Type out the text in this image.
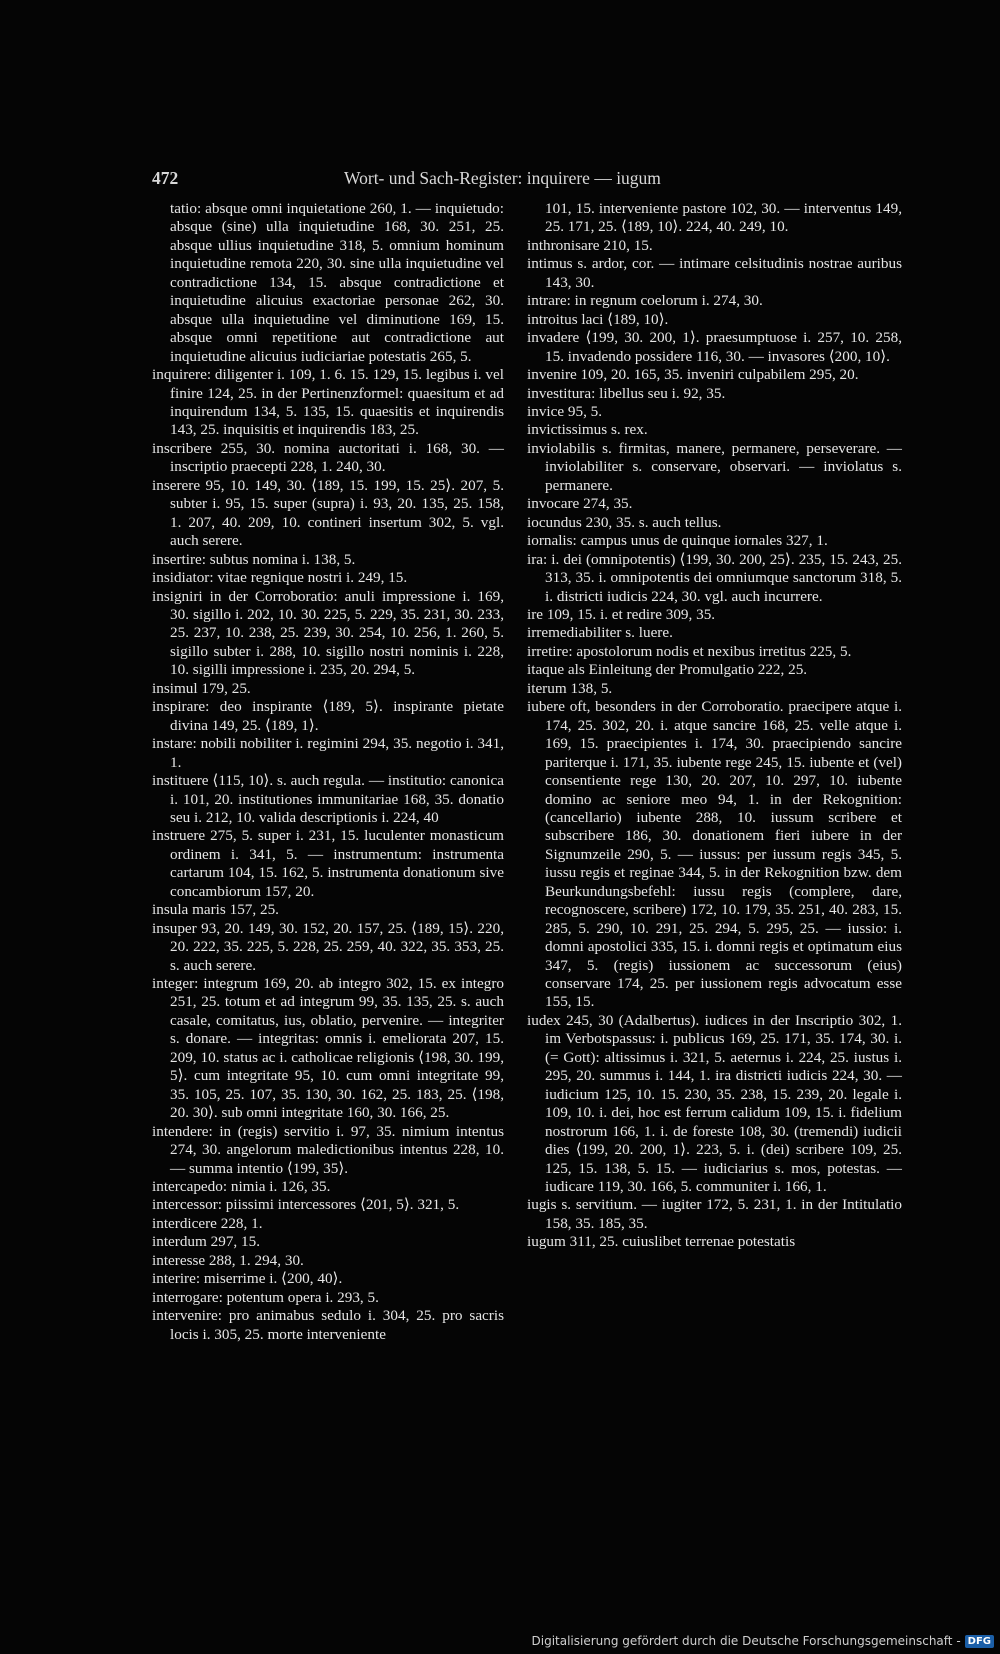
472	Wort- und Sach-Register: inquirere — iugum

tatio: absque omni inquietatione 260, 1. — inquietudo: absque (sine) ulla inquietudine 168, 30. 251, 25. absque ullius inquietudine 318, 5. omnium hominum inquietudine remota 220, 30. sine ulla inquietudine vel contradictione 134, 15. absque contradictione et inquietudine alicuius exactoriae personae 262, 30. absque ulla inquietudine vel diminutione 169, 15. absque omni repetitione aut contradictione aut inquietudine alicuius iudiciariae potestatis 265, 5.

inquirere: diligenter i. 109, 1. 6. 15. 129, 15. legibus i. vel finire 124, 25. in der Pertinenzformel: quaesitum et ad inquirendum 134, 5. 135, 15. quaesitis et inquirendis 143, 25. inquisitis et inquirendis 183, 25.

inscribere 255, 30. nomina auctoritati i. 168, 30. — inscriptio praecepti 228, 1. 240, 30.

inserere 95, 10. 149, 30. ⟨189, 15. 199, 15. 25⟩. 207, 5. subter i. 95, 15. super (supra) i. 93, 20. 135, 25. 158, 1. 207, 40. 209, 10. contineri insertum 302, 5. vgl. auch serere.

insertire: subtus nomina i. 138, 5.

insidiator: vitae regnique nostri i. 249, 15.

insigniri in der Corroboratio: anuli impressione i. 169, 30. sigillo i. 202, 10. 30. 225, 5. 229, 35. 231, 30. 233, 25. 237, 10. 238, 25. 239, 30. 254, 10. 256, 1. 260, 5. sigillo subter i. 288, 10. sigillo nostri nominis i. 228, 10. sigilli impressione i. 235, 20. 294, 5.

insimul 179, 25.

inspirare: deo inspirante ⟨189, 5⟩. inspirante pietate divina 149, 25. ⟨189, 1⟩.

instare: nobili nobiliter i. regimini 294, 35. negotio i. 341, 1.

instituere ⟨115, 10⟩. s. auch regula. — institutio: canonica i. 101, 20. institutiones immunitariae 168, 35. donatio seu i. 212, 10. valida descriptionis i. 224, 40

instruere 275, 5. super i. 231, 15. luculenter monasticum ordinem i. 341, 5. — instrumentum: instrumenta cartarum 104, 15. 162, 5. instrumenta donationum sive concambiorum 157, 20.

insula maris 157, 25.

insuper 93, 20. 149, 30. 152, 20. 157, 25. ⟨189, 15⟩. 220, 20. 222, 35. 225, 5. 228, 25. 259, 40. 322, 35. 353, 25. s. auch serere.

integer: integrum 169, 20. ab integro 302, 15. ex integro 251, 25. totum et ad integrum 99, 35. 135, 25. s. auch casale, comitatus, ius, oblatio, pervenire. — integriter s. donare. — integritas: omnis i. emeliorata 207, 15. 209, 10. status ac i. catholicae religionis ⟨198, 30. 199, 5⟩. cum integritate 95, 10. cum omni integritate 99, 35. 105, 25. 107, 35. 130, 30. 162, 25. 183, 25. ⟨198, 20. 30⟩. sub omni integritate 160, 30. 166, 25.

intendere: in (regis) servitio i. 97, 35. nimium intentus 274, 30. angelorum maledictionibus intentus 228, 10. — summa intentio ⟨199, 35⟩.

intercapedo: nimia i. 126, 35.

intercessor: piissimi intercessores ⟨201, 5⟩. 321, 5.

interdicere 228, 1.

interdum 297, 15.

interesse 288, 1. 294, 30.

interire: miserrime i. ⟨200, 40⟩.

interrogare: potentum opera i. 293, 5.

intervenire: pro animabus sedulo i. 304, 25. pro sacris locis i. 305, 25. morte interveniente

101, 15. interveniente pastore 102, 30. — interventus 149, 25. 171, 25. ⟨189, 10⟩. 224, 40. 249, 10.

inthronisare 210, 15.

intimus s. ardor, cor. — intimare celsitudinis nostrae auribus 143, 30.

intrare: in regnum coelorum i. 274, 30.

introitus laci ⟨189, 10⟩.

invadere ⟨199, 30. 200, 1⟩. praesumptuose i. 257, 10. 258, 15. invadendo possidere 116, 30. — invasores ⟨200, 10⟩.

invenire 109, 20. 165, 35. inveniri culpabilem 295, 20.

investitura: libellus seu i. 92, 35.

invice 95, 5.

invictissimus s. rex.

inviolabilis s. firmitas, manere, permanere, perseverare. — inviolabiliter s. conservare, observari. — inviolatus s. permanere.

invocare 274, 35.

iocundus 230, 35. s. auch tellus.

iornalis: campus unus de quinque iornales 327, 1.

ira: i. dei (omnipotentis) ⟨199, 30. 200, 25⟩. 235, 15. 243, 25. 313, 35. i. omnipotentis dei omniumque sanctorum 318, 5. i. districti iudicis 224, 30. vgl. auch incurrere.

ire 109, 15. i. et redire 309, 35.

irremediabiliter s. luere.

irretire: apostolorum nodis et nexibus irretitus 225, 5.

itaque als Einleitung der Promulgatio 222, 25.

iterum 138, 5.

iubere oft, besonders in der Corroboratio. praecipere atque i. 174, 25. 302, 20. i. atque sancire 168, 25. velle atque i. 169, 15. praecipientes i. 174, 30. praecipiendo sancire pariterque i. 171, 35. iubente rege 245, 15. iubente et (vel) consentiente rege 130, 20. 207, 10. 297, 10. iubente domino ac seniore meo 94, 1. in der Rekognition: (cancellario) iubente 288, 10. iussum scribere et subscribere 186, 30. donationem fieri iubere in der Signumzeile 290, 5. — iussus: per iussum regis 345, 5. iussu regis et reginae 344, 5. in der Rekognition bzw. dem Beurkundungsbefehl: iussu regis (complere, dare, recognoscere, scribere) 172, 10. 179, 35. 251, 40. 283, 15. 285, 5. 290, 10. 291, 25. 294, 5. 295, 25. — iussio: i. domni apostolici 335, 15. i. domni regis et optimatum eius 347, 5. (regis) iussionem ac successorum (eius) conservare 174, 25. per iussionem regis advocatum esse 155, 15.

iudex 245, 30 (Adalbertus). iudices in der Inscriptio 302, 1. im Verbotspassus: i. publicus 169, 25. 171, 35. 174, 30. i. (= Gott): altissimus i. 321, 5. aeternus i. 224, 25. iustus i. 295, 20. summus i. 144, 1. ira districti iudicis 224, 30. — iudicium 125, 10. 15. 230, 35. 238, 15. 239, 20. legale i. 109, 10. i. dei, hoc est ferrum calidum 109, 15. i. fidelium nostrorum 166, 1. i. de foreste 108, 30. (tremendi) iudicii dies ⟨199, 20. 200, 1⟩. 223, 5. i. (dei) scribere 109, 25. 125, 15. 138, 5. 15. — iudiciarius s. mos, potestas. — iudicare 119, 30. 166, 5. communiter i. 166, 1.

iugis s. servitium. — iugiter 172, 5. 231, 1. in der Intitulatio 158, 35. 185, 35.

iugum 311, 25. cuiuslibet terrenae potestatis

Digitalisierung gefördert durch die Deutsche Forschungsgemeinschaft - DFG
